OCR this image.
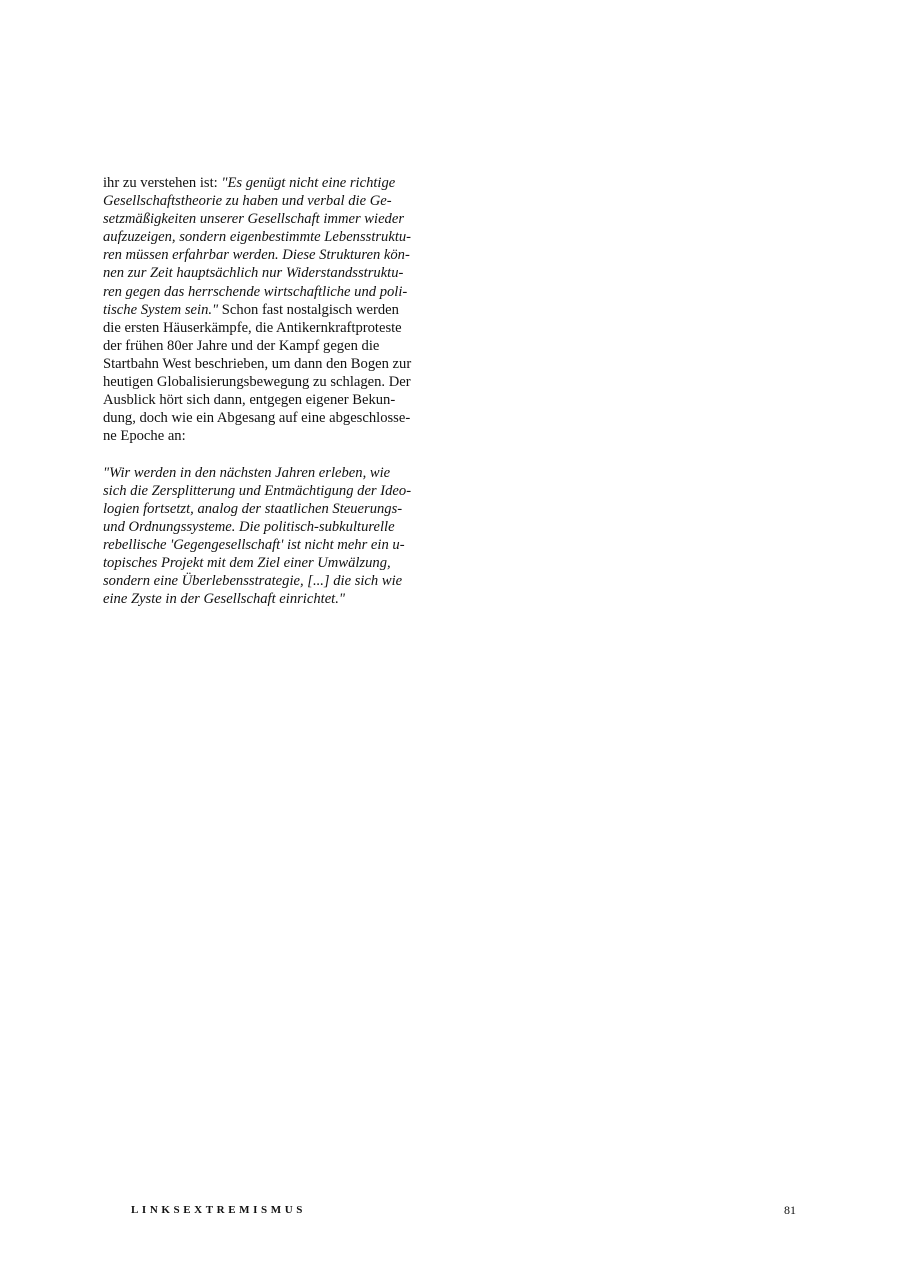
ihr zu verstehen ist: "Es genügt nicht eine richtige
Gesellschaftstheorie zu haben und verbal die Ge-
setzmäßigkeiten unserer Gesellschaft immer wieder
aufzuzeigen, sondern eigenbestimmte Lebensstruktu-
ren müssen erfahrbar werden. Diese Strukturen kön-
nen zur Zeit hauptsächlich nur Widerstandsstruktu-
ren gegen das herrschende wirtschaftliche und poli-
tische System sein." Schon fast nostalgisch werden
die ersten Häuserkämpfe, die Antikernkraftproteste
der frühen 80er Jahre und der Kampf gegen die
Startbahn West beschrieben, um dann den Bogen zur
heutigen Globalisierungsbewegung zu schlagen. Der
Ausblick hört sich dann, entgegen eigener Bekun-
dung, doch wie ein Abgesang auf eine abgeschlosse-
ne Epoche an:
"Wir werden in den nächsten Jahren erleben, wie
sich die Zersplitterung und Entmächtigung der Ideo-
logien fortsetzt, analog der staatlichen Steuerungs-
und Ordnungssysteme. Die politisch-subkulturelle
rebellische 'Gegengesellschaft' ist nicht mehr ein u-
topisches Projekt mit dem Ziel einer Umwälzung,
sondern eine Überlebensstrategie, [...] die sich wie
eine Zyste in der Gesellschaft einrichtet."
LINKSEXTREMISMUS	81
